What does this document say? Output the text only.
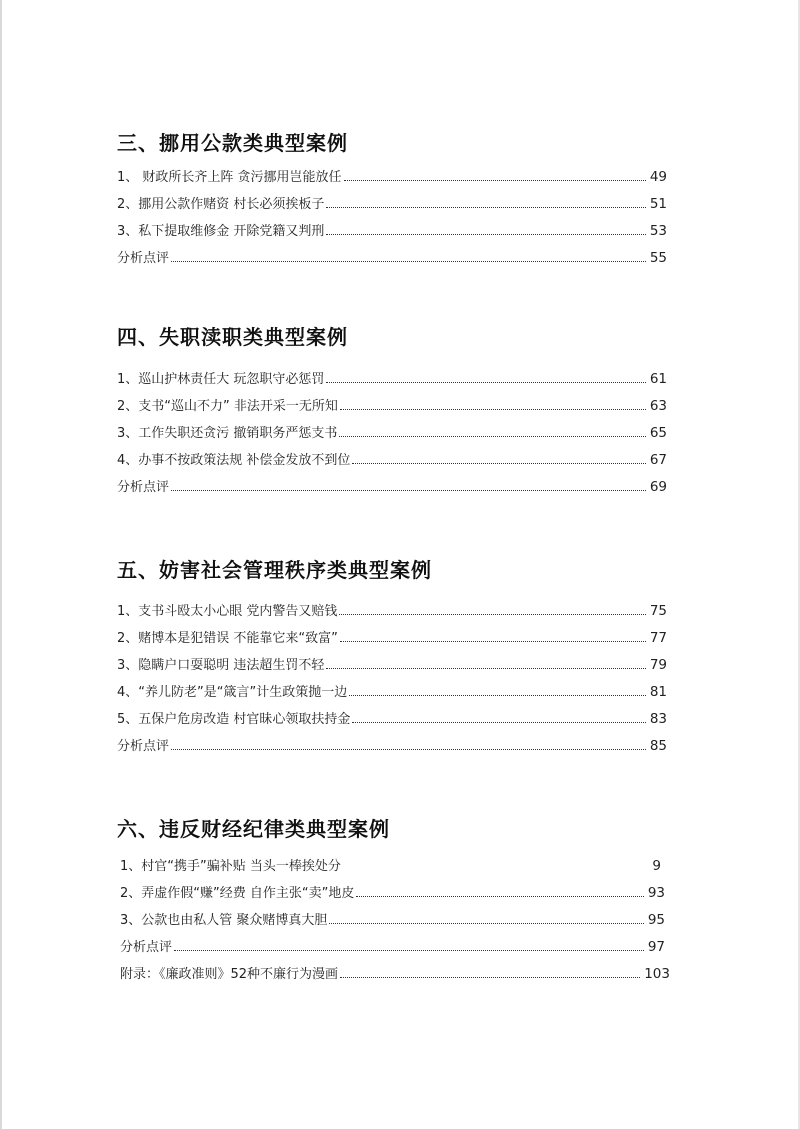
三、挪用公款类典型案例
1、 财政所长齐上阵 贪污挪用岂能放任	49
2、挪用公款作赌资 村长必须挨板子	51
3、私下提取维修金 开除党籍又判刑	53
分析点评	55
四、失职渎职类典型案例
1、巡山护林责任大 玩忽职守必惩罚	61
2、支书“巡山不力” 非法开采一无所知	63
3、工作失职还贪污 撤销职务严惩支书	65
4、办事不按政策法规 补偿金发放不到位	67
分析点评	69
五、妨害社会管理秩序类典型案例
1、支书斗殴太小心眼 党内警告又赔钱	75
2、赌博本是犯错误 不能靠它来“致富”	77
3、隐瞒户口耍聪明 违法超生罚不轻	79
4、“养儿防老”是“箴言”计生政策抛一边	81
5、五保户危房改造 村官昧心领取扶持金	83
分析点评	85
六、违反财经纪律类典型案例
1、村官“携手”骗补贴 当头一棒挨处分	9
2、弄虚作假“赚”经费 自作主张“卖”地皮	93
3、公款也由私人管 聚众赌博真大胆	95
分析点评	97
附录：《廉政准则》52种不廉行为漫画	103
